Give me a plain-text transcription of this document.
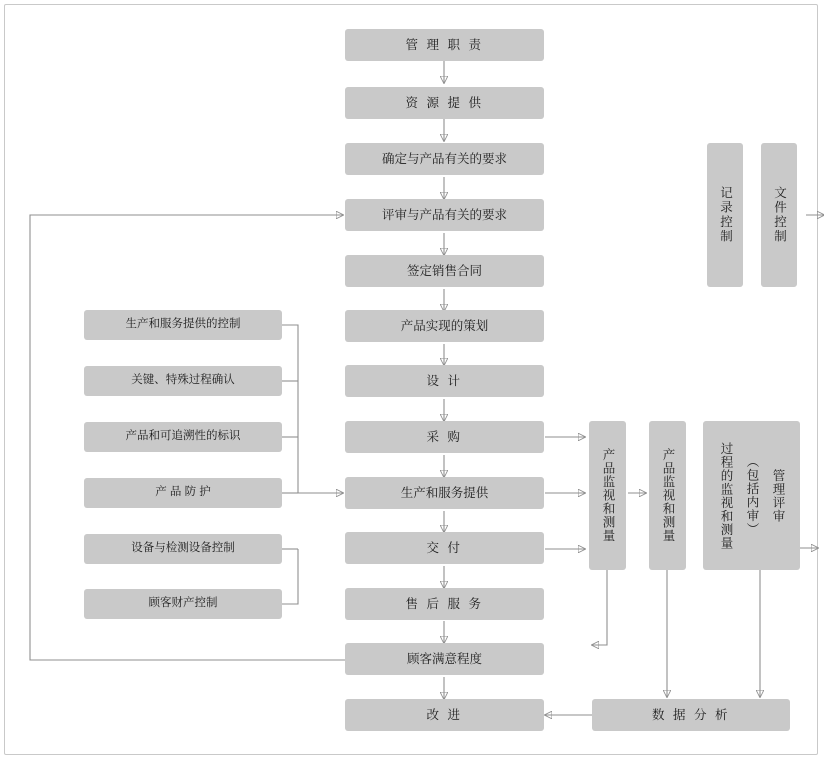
管 理 职 责
资 源 提 供
确定与产品有关的要求
评审与产品有关的要求
签定销售合同
产品实现的策划
设 计
采 购
生产和服务提供
交 付
售 后 服 务
顾客满意程度
改 进
生产和服务提供的控制
关键、特殊过程确认
产品和可追溯性的标识
产 品 防 护
设备与检测设备控制
顾客财产控制
记录控制	文件控制
产品监视和测量	产品监视和测量	管理评审
（包括内审）
过程的监视和测量
数 据 分 析
